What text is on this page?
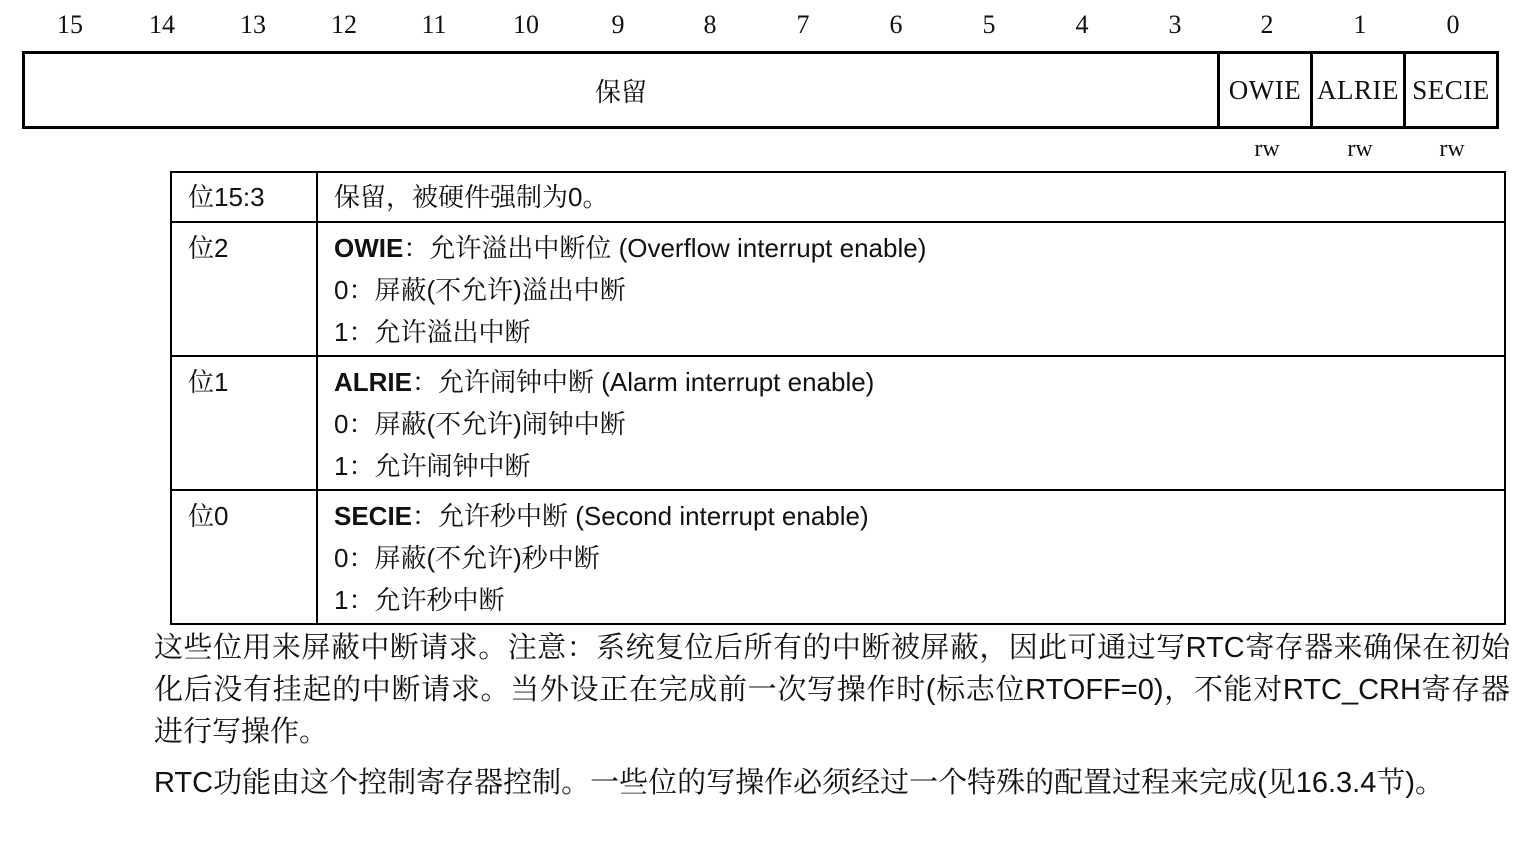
15	14	13	12 11	10	9	8	7	6	5	4	3	2	1	0
保留	OWIE ALRIE SECIE
rw	rw	rw
位15:3	保留，被硬件强制为0。

位2	OWIE：允许溢出中断位 (Overflow interrupt enable)
0：屏蔽(不允许)溢出中断
1：允许溢出中断

位1	ALRIE：允许闹钟中断 (Alarm interrupt enable)
0：屏蔽(不允许)闹钟中断
1：允许闹钟中断

位0	SECIE：允许秒中断 (Second interrupt enable)
0：屏蔽(不允许)秒中断
1：允许秒中断
这些位用来屏蔽中断请求。注意：系统复位后所有的中断被屏蔽，因此可通过写RTC寄存器来确保在初始化后没有挂起的中断请求。当外设正在完成前一次写操作时(标志位RTOFF=0)，不能对RTC_CRH寄存器进行写操作。
RTC功能由这个控制寄存器控制。一些位的写操作必须经过一个特殊的配置过程来完成(见16.3.4节)。
